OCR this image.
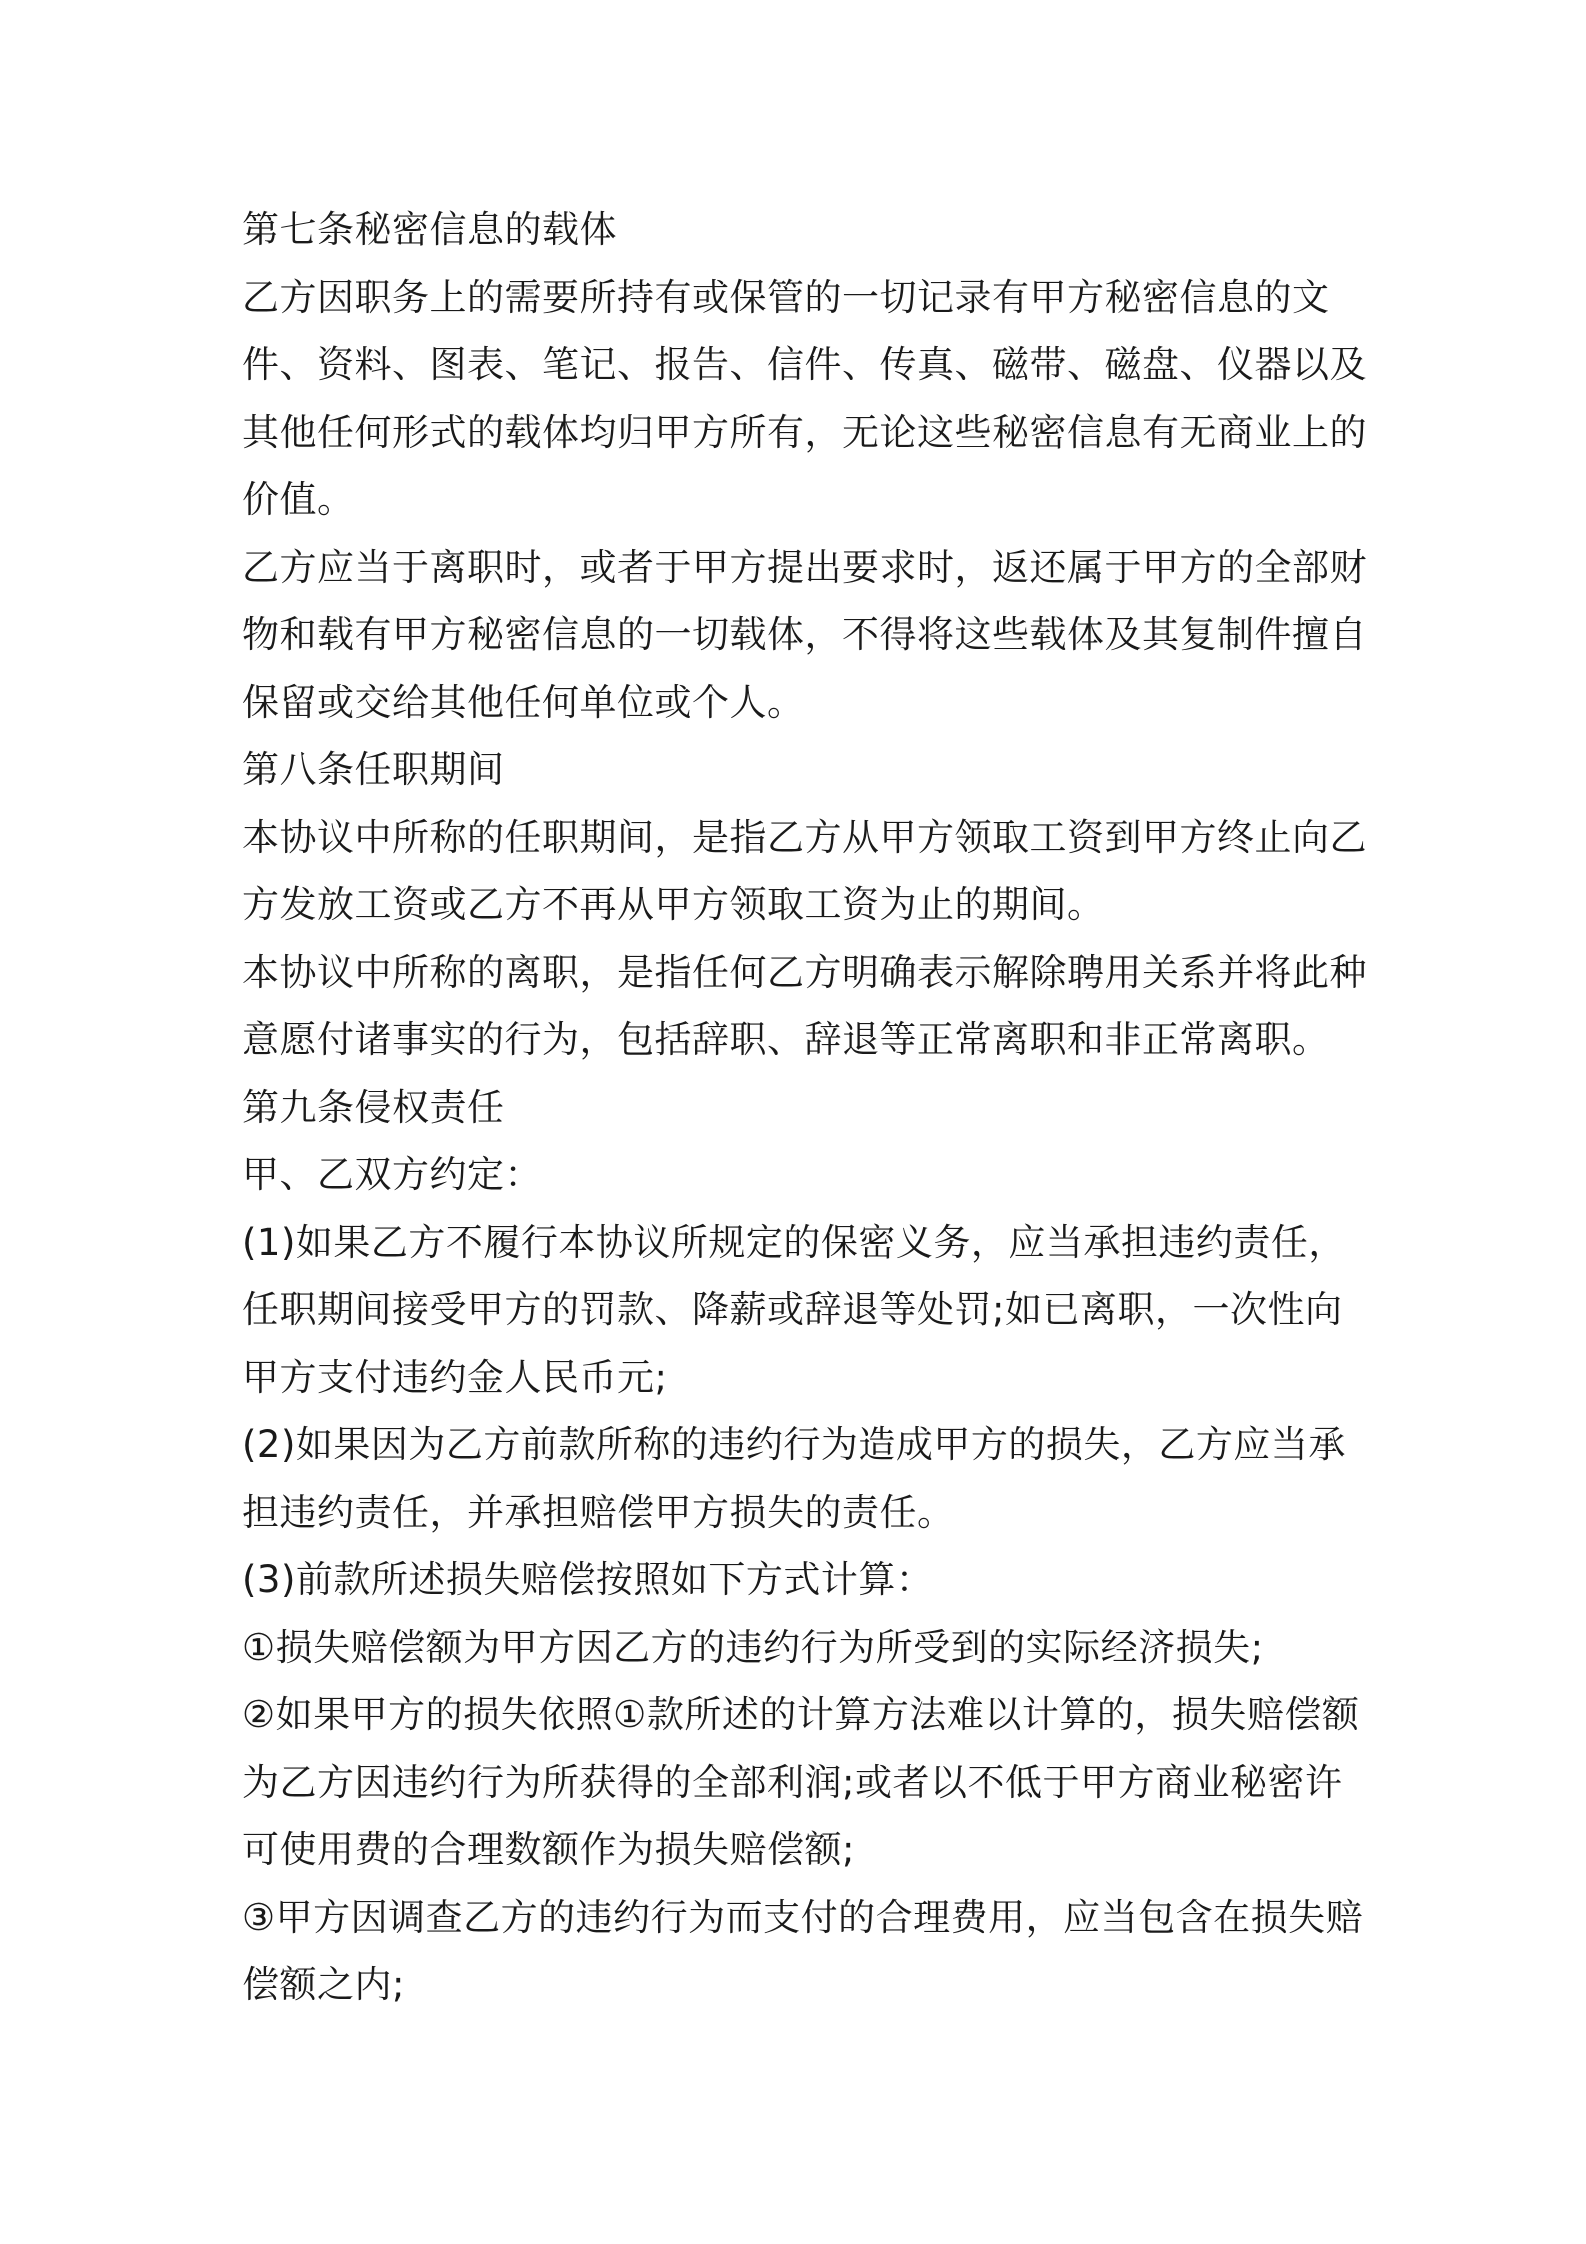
第七条秘密信息的载体
乙方因职务上的需要所持有或保管的一切记录有甲方秘密信息的文
件、资料、图表、笔记、报告、信件、传真、磁带、磁盘、仪器以及
其他任何形式的载体均归甲方所有，无论这些秘密信息有无商业上的
价值。
乙方应当于离职时，或者于甲方提出要求时，返还属于甲方的全部财
物和载有甲方秘密信息的一切载体，不得将这些载体及其复制件擅自
保留或交给其他任何单位或个人。
第八条任职期间
本协议中所称的任职期间，是指乙方从甲方领取工资到甲方终止向乙
方发放工资或乙方不再从甲方领取工资为止的期间。
本协议中所称的离职，是指任何乙方明确表示解除聘用关系并将此种
意愿付诸事实的行为，包括辞职、辞退等正常离职和非正常离职。
第九条侵权责任
甲、乙双方约定：
(1)如果乙方不履行本协议所规定的保密义务，应当承担违约责任，
任职期间接受甲方的罚款、降薪或辞退等处罚;如已离职，一次性向
甲方支付违约金人民币元;
(2)如果因为乙方前款所称的违约行为造成甲方的损失，乙方应当承
担违约责任，并承担赔偿甲方损失的责任。
(3)前款所述损失赔偿按照如下方式计算：
①损失赔偿额为甲方因乙方的违约行为所受到的实际经济损失;
②如果甲方的损失依照①款所述的计算方法难以计算的，损失赔偿额
为乙方因违约行为所获得的全部利润;或者以不低于甲方商业秘密许
可使用费的合理数额作为损失赔偿额;
③甲方因调查乙方的违约行为而支付的合理费用，应当包含在损失赔
偿额之内;
